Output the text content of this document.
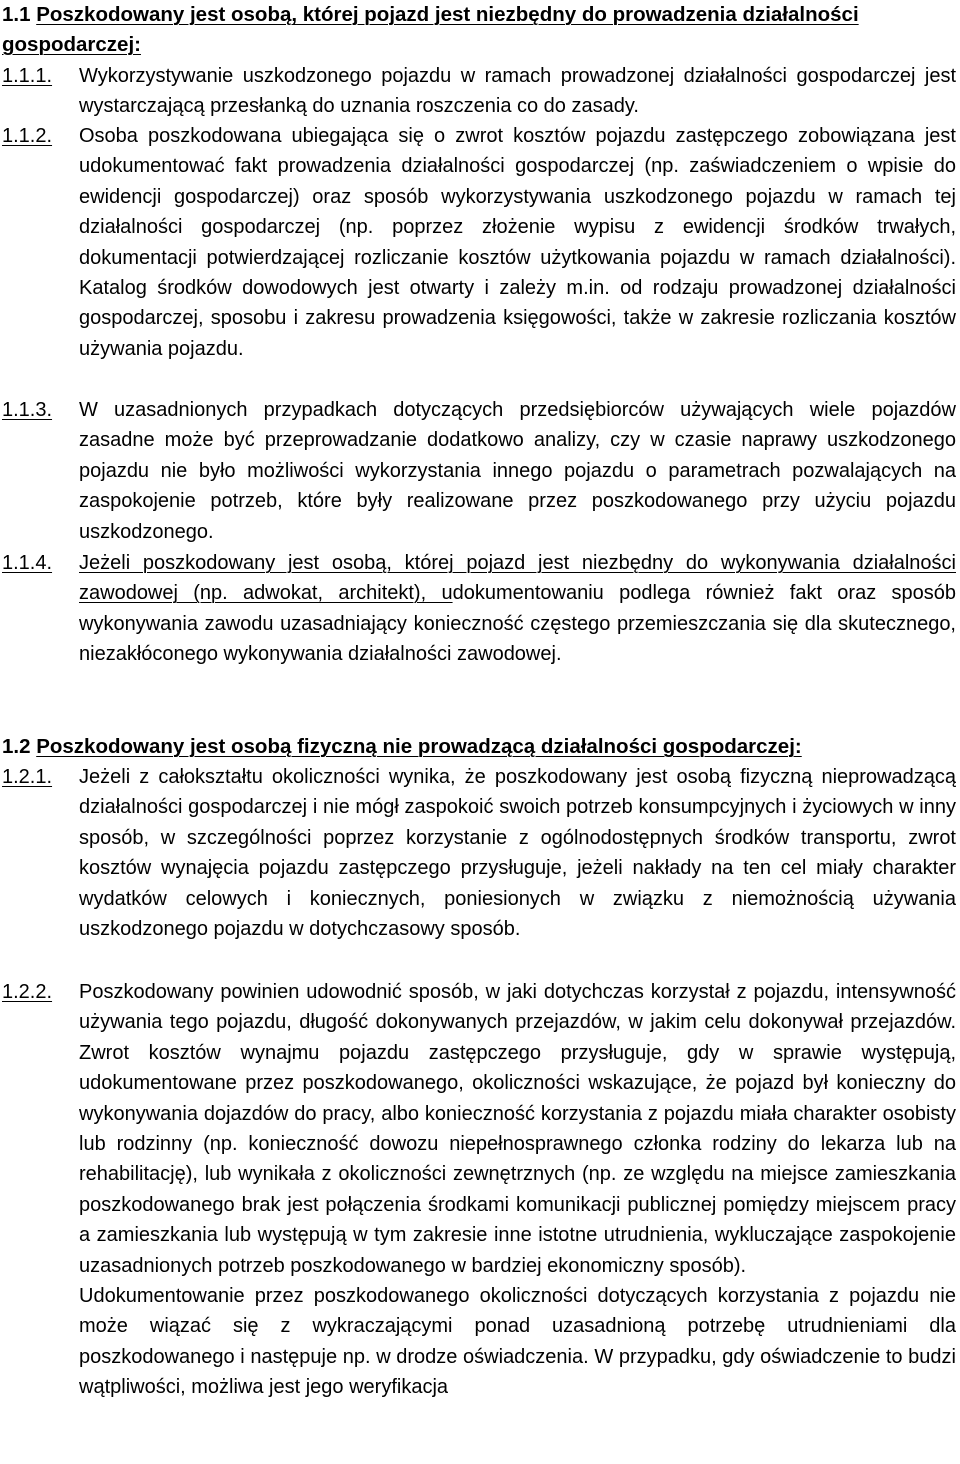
1.1 Poszkodowany jest osobą, której pojazd jest niezbędny do prowadzenia działalności gospodarczej:
1.1.1.	Wykorzystywanie uszkodzonego pojazdu w ramach prowadzonej działalności gospodarczej jest wystarczającą przesłanką do uznania roszczenia co do zasady.
1.1.2.	Osoba poszkodowana ubiegająca się o zwrot kosztów pojazdu zastępczego zobowiązana jest udokumentować fakt prowadzenia działalności gospodarczej (np. zaświadczeniem o wpisie do ewidencji gospodarczej) oraz sposób wykorzystywania uszkodzonego pojazdu w ramach tej działalności gospodarczej (np. poprzez złożenie wypisu z ewidencji środków trwałych, dokumentacji potwierdzającej rozliczanie kosztów użytkowania pojazdu w ramach działalności). Katalog środków dowodowych jest otwarty i zależy m.in. od rodzaju prowadzonej działalności gospodarczej, sposobu i zakresu prowadzenia księgowości, także w zakresie rozliczania kosztów używania pojazdu.
1.1.3.	W uzasadnionych przypadkach dotyczących przedsiębiorców używających wiele pojazdów zasadne może być przeprowadzanie dodatkowo analizy, czy w czasie naprawy uszkodzonego pojazdu nie było możliwości wykorzystania innego pojazdu o parametrach pozwalających na zaspokojenie potrzeb, które były realizowane przez poszkodowanego przy użyciu pojazdu uszkodzonego.
1.1.4.	Jeżeli poszkodowany jest osobą, której pojazd jest niezbędny do wykonywania działalności zawodowej (np. adwokat, architekt), udokumentowaniu podlega również fakt oraz sposób wykonywania zawodu uzasadniający konieczność częstego przemieszczania się dla skutecznego, niezakłóconego wykonywania działalności zawodowej.
1.2 Poszkodowany jest osobą fizyczną nie prowadzącą działalności gospodarczej:
1.2.1.	Jeżeli z całokształtu okoliczności wynika, że poszkodowany jest osobą fizyczną nieprowadzącą działalności gospodarczej i nie mógł zaspokoić swoich potrzeb konsumpcyjnych i życiowych w inny sposób, w szczególności poprzez korzystanie z ogólnodostępnych środków transportu, zwrot kosztów wynajęcia pojazdu zastępczego przysługuje, jeżeli nakłady na ten cel miały charakter wydatków celowych i koniecznych, poniesionych w związku z niemożnością używania uszkodzonego pojazdu w dotychczasowy sposób.
1.2.2.	Poszkodowany powinien udowodnić sposób, w jaki dotychczas korzystał z pojazdu, intensywność używania tego pojazdu, długość dokonywanych przejazdów, w jakim celu dokonywał przejazdów. Zwrot kosztów wynajmu pojazdu zastępczego przysługuje, gdy w sprawie występują, udokumentowane przez poszkodowanego, okoliczności wskazujące, że pojazd był konieczny do wykonywania dojazdów do pracy, albo konieczność korzystania z pojazdu miała charakter osobisty lub rodzinny (np. konieczność dowozu niepełnosprawnego członka rodziny do lekarza lub na rehabilitację), lub wynikała z okoliczności zewnętrznych (np. ze względu na miejsce zamieszkania poszkodowanego brak jest połączenia środkami komunikacji publicznej pomiędzy miejscem pracy a zamieszkania lub występują w tym zakresie inne istotne utrudnienia, wykluczające zaspokojenie uzasadnionych potrzeb poszkodowanego w bardziej ekonomiczny sposób).

Udokumentowanie przez poszkodowanego okoliczności dotyczących korzystania z pojazdu nie może wiązać się z wykraczającymi ponad uzasadnioną potrzebę utrudnieniami dla poszkodowanego i następuje np. w drodze oświadczenia. W przypadku, gdy oświadczenie to budzi wątpliwości, możliwa jest jego weryfikacja
